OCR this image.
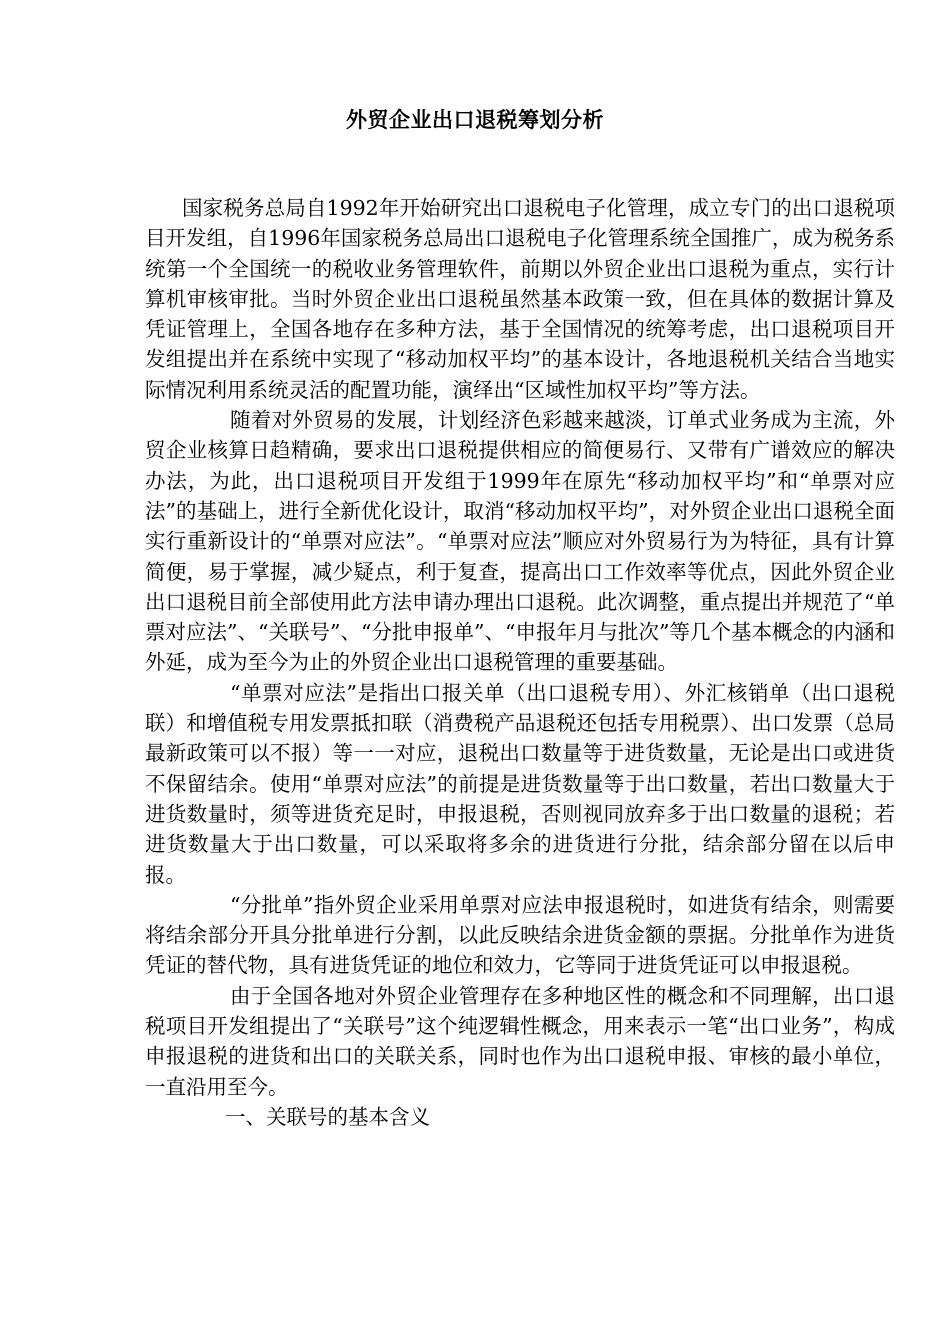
外贸企业出口退税筹划分析

国家税务总局自1992年开始研究出口退税电子化管理，成立专门的出口退税项目开发组，自1996年国家税务总局出口退税电子化管理系统全国推广，成为税务系统第一个全国统一的税收业务管理软件，前期以外贸企业出口退税为重点，实行计算机审核审批。当时外贸企业出口退税虽然基本政策一致，但在具体的数据计算及凭证管理上，全国各地存在多种方法，基于全国情况的统筹考虑，出口退税项目开发组提出并在系统中实现了“移动加权平均”的基本设计，各地退税机关结合当地实际情况利用系统灵活的配置功能，演绎出“区域性加权平均”等方法。

随着对外贸易的发展，计划经济色彩越来越淡，订单式业务成为主流，外贸企业核算日趋精确，要求出口退税提供相应的简便易行、又带有广谱效应的解决办法，为此，出口退税项目开发组于1999年在原先“移动加权平均”和“单票对应法”的基础上，进行全新优化设计，取消“移动加权平均”，对外贸企业出口退税全面实行重新设计的“单票对应法”。“单票对应法”顺应对外贸易行为为特征，具有计算简便，易于掌握，减少疑点，利于复查，提高出口工作效率等优点，因此外贸企业出口退税目前全部使用此方法申请办理出口退税。此次调整，重点提出并规范了“单票对应法”、“关联号”、“分批申报单”、“申报年月与批次”等几个基本概念的内涵和外延，成为至今为止的外贸企业出口退税管理的重要基础。

“单票对应法”是指出口报关单（出口退税专用）、外汇核销单（出口退税联）和增值税专用发票抵扣联（消费税产品退税还包括专用税票）、出口发票（总局最新政策可以不报）等一一对应，退税出口数量等于进货数量，无论是出口或进货不保留结余。使用“单票对应法”的前提是进货数量等于出口数量，若出口数量大于进货数量时，须等进货充足时，申报退税，否则视同放弃多于出口数量的退税；若进货数量大于出口数量，可以采取将多余的进货进行分批，结余部分留在以后申报。

“分批单”指外贸企业采用单票对应法申报退税时，如进货有结余，则需要将结余部分开具分批单进行分割，以此反映结余进货金额的票据。分批单作为进货凭证的替代物，具有进货凭证的地位和效力，它等同于进货凭证可以申报退税。

由于全国各地对外贸企业管理存在多种地区性的概念和不同理解，出口退税项目开发组提出了“关联号”这个纯逻辑性概念，用来表示一笔“出口业务”，构成申报退税的进货和出口的关联关系，同时也作为出口退税申报、审核的最小单位，一直沿用至今。

一、关联号的基本含义
